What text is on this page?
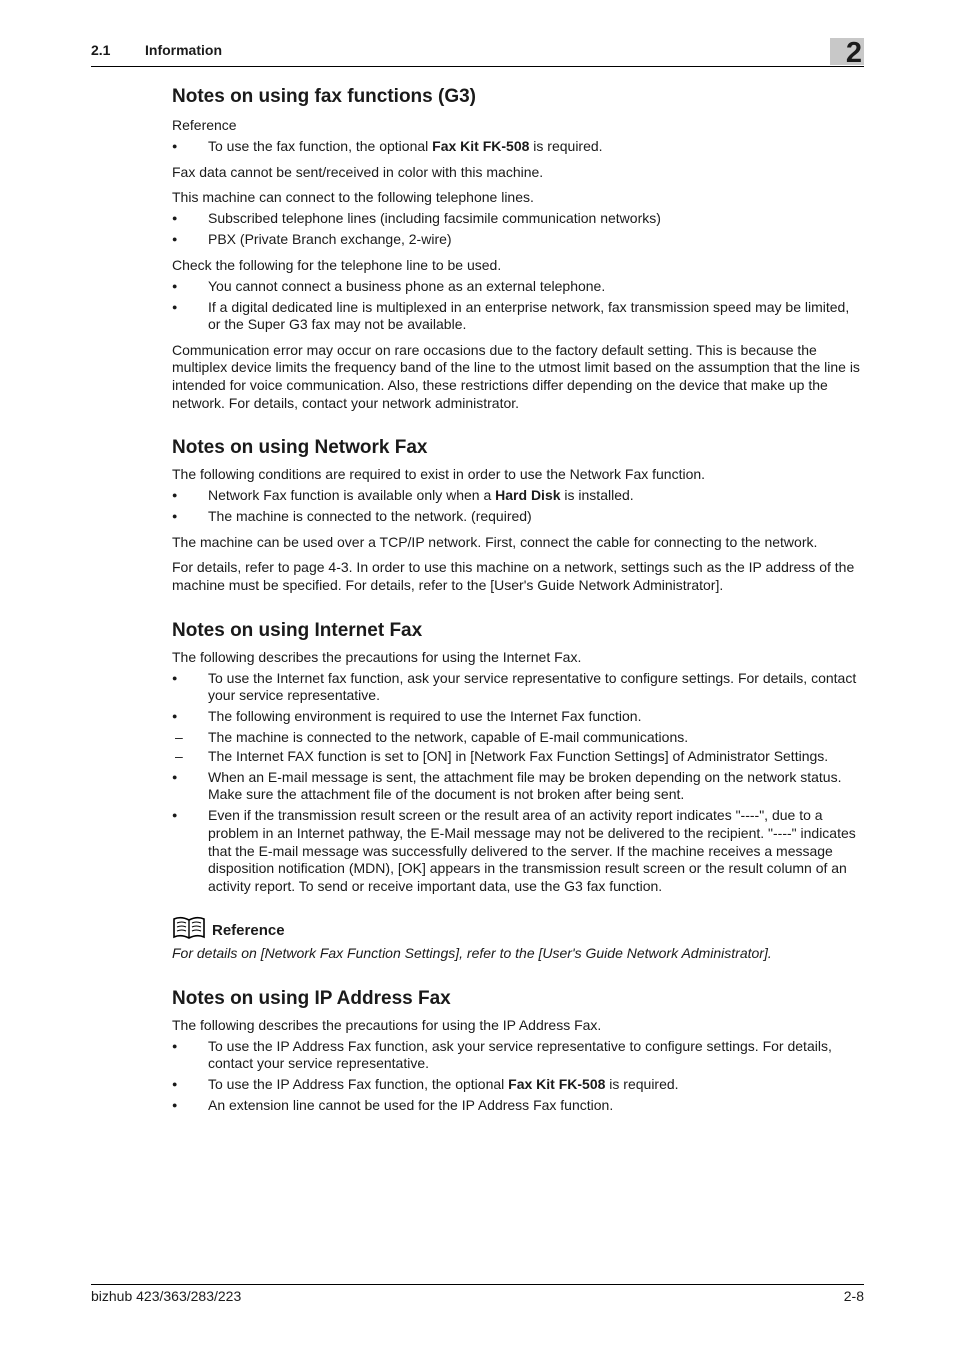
2.1 Information	2
Notes on using fax functions (G3)

Reference

● To use the fax function, the optional Fax Kit FK-508 is required.

Fax data cannot be sent/received in color with this machine.

This machine can connect to the following telephone lines.

● Subscribed telephone lines (including facsimile communication networks)
● PBX (Private Branch exchange, 2-wire)

Check the following for the telephone line to be used.

● You cannot connect a business phone as an external telephone.
● If a digital dedicated line is multiplexed in an enterprise network, fax transmission speed may be limited, or the Super G3 fax may not be available.

Communication error may occur on rare occasions due to the factory default setting. This is because the multiplex device limits the frequency band of the line to the utmost limit based on the assumption that the line is intended for voice communication. Also, these restrictions differ depending on the device that make up the network. For details, contact your network administrator.

Notes on using Network Fax

The following conditions are required to exist in order to use the Network Fax function.

● Network Fax function is available only when a Hard Disk is installed.
● The machine is connected to the network. (required)

The machine can be used over a TCP/IP network. First, connect the cable for connecting to the network.

For details, refer to page 4-3. In order to use this machine on a network, settings such as the IP address of the machine must be specified. For details, refer to the [User's Guide Network Administrator].

Notes on using Internet Fax

The following describes the precautions for using the Internet Fax.

● To use the Internet fax function, ask your service representative to configure settings. For details, contact your service representative.
● The following environment is required to use the Internet Fax function.
– The machine is connected to the network, capable of E-mail communications.
– The Internet FAX function is set to [ON] in [Network Fax Function Settings] of Administrator Settings.
● When an E-mail message is sent, the attachment file may be broken depending on the network status. Make sure the attachment file of the document is not broken after being sent.
● Even if the transmission result screen or the result area of an activity report indicates "----", due to a problem in an Internet pathway, the E-Mail message may not be delivered to the recipient. "----" indicates that the E-mail message was successfully delivered to the server. If the machine receives a message disposition notification (MDN), [OK] appears in the transmission result screen or the result column of an activity report. To send or receive important data, use the G3 fax function.
Reference
For details on [Network Fax Function Settings], refer to the [User's Guide Network Administrator].
Notes on using IP Address Fax

The following describes the precautions for using the IP Address Fax.

● To use the IP Address Fax function, ask your service representative to configure settings. For details, contact your service representative.
● To use the IP Address Fax function, the optional Fax Kit FK-508 is required.
● An extension line cannot be used for the IP Address Fax function.
bizhub 423/363/283/223	2-8
